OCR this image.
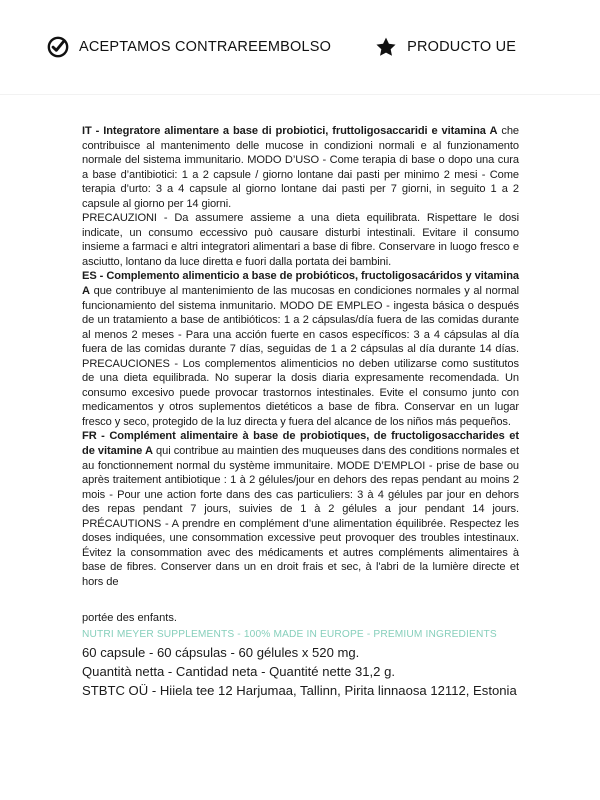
ACEPTAMOS CONTRAREEMBOLSO	PRODUCTO UE

IT - Integratore alimentare a base di probiotici, fruttoligosaccaridi e vitamina A che contribuisce al mantenimento delle mucose in condizioni normali e al funzionamento normale del sistema immunitario. MODO D’USO - Come terapia di base o dopo una cura a base d’antibiotici: 1 a 2 capsule / giorno lontane dai pasti per minimo 2 mesi - Come terapia d’urto: 3 a 4 capsule al giorno lontane dai pasti per 7 giorni, in seguito 1 a 2 capsule al giorno per 14 giorni.

PRECAUZIONI - Da assumere assieme a una dieta equilibrata. Rispettare le dosi indicate, un consumo eccessivo può causare disturbi intestinali. Evitare il consumo insieme a farmaci e altri integratori alimentari a base di fibre. Conservare in luogo fresco e asciutto, lontano da luce diretta e fuori dalla portata dei bambini.

ES - Complemento alimenticio a base de probióticos, fructoligosacáridos y vitamina A que contribuye al mantenimiento de las mucosas en condiciones normales y al normal funcionamiento del sistema inmunitario. MODO DE EMPLEO - ingesta básica o después de un tratamiento a base de antibióticos: 1 a 2 cápsulas/día fuera de las comidas durante al menos 2 meses - Para una acción fuerte en casos específicos: 3 a 4 cápsulas al día fuera de las comidas durante 7 días, seguidas de 1 a 2 cápsulas al día durante 14 días. PRECAUCIONES - Los complementos alimenticios no deben utilizarse como sustitutos de una dieta equilibrada. No superar la dosis diaria expresamente recomendada. Un consumo excesivo puede provocar trastornos intestinales. Evite el consumo junto con medicamentos y otros suplementos dietéticos a base de fibra. Conservar en un lugar fresco y seco, protegido de la luz directa y fuera del alcance de los niños más pequeños.

FR - Complément alimentaire à base de probiotiques, de fructoligosaccharides et de vitamine A qui contribue au maintien des muqueuses dans des conditions normales et au fonctionnement normal du système immunitaire. MODE D’EMPLOI - prise de base ou après traitement antibiotique : 1 à 2 gélules/jour en dehors des repas pendant au moins 2 mois - Pour une action forte dans des cas particuliers: 3 à 4 gélules par jour en dehors des repas pendant 7 jours, suivies de 1 à 2 gélules a jour pendant 14 jours. PRÉCAUTIONS - A prendre en complément d’une alimentation équilibrée. Respectez les doses indiquées, une consommation excessive peut provoquer des troubles intestinaux. Évitez la consommation avec des médicaments et autres compléments alimentaires à base de fibres. Conserver dans un en droit frais et sec, à l'abri de la lumière directe et hors de

portée des enfants.

NUTRI MEYER SUPPLEMENTS - 100% MADE IN EUROPE - PREMIUM INGREDIENTS

60 capsule - 60 cápsulas - 60 gélules x 520 mg.

Quantità netta - Cantidad neta - Quantité nette 31,2 g.

STBTC OÜ - Hiiela tee 12 Harjumaa, Tallinn, Pirita linnaosa 12112, Estonia
